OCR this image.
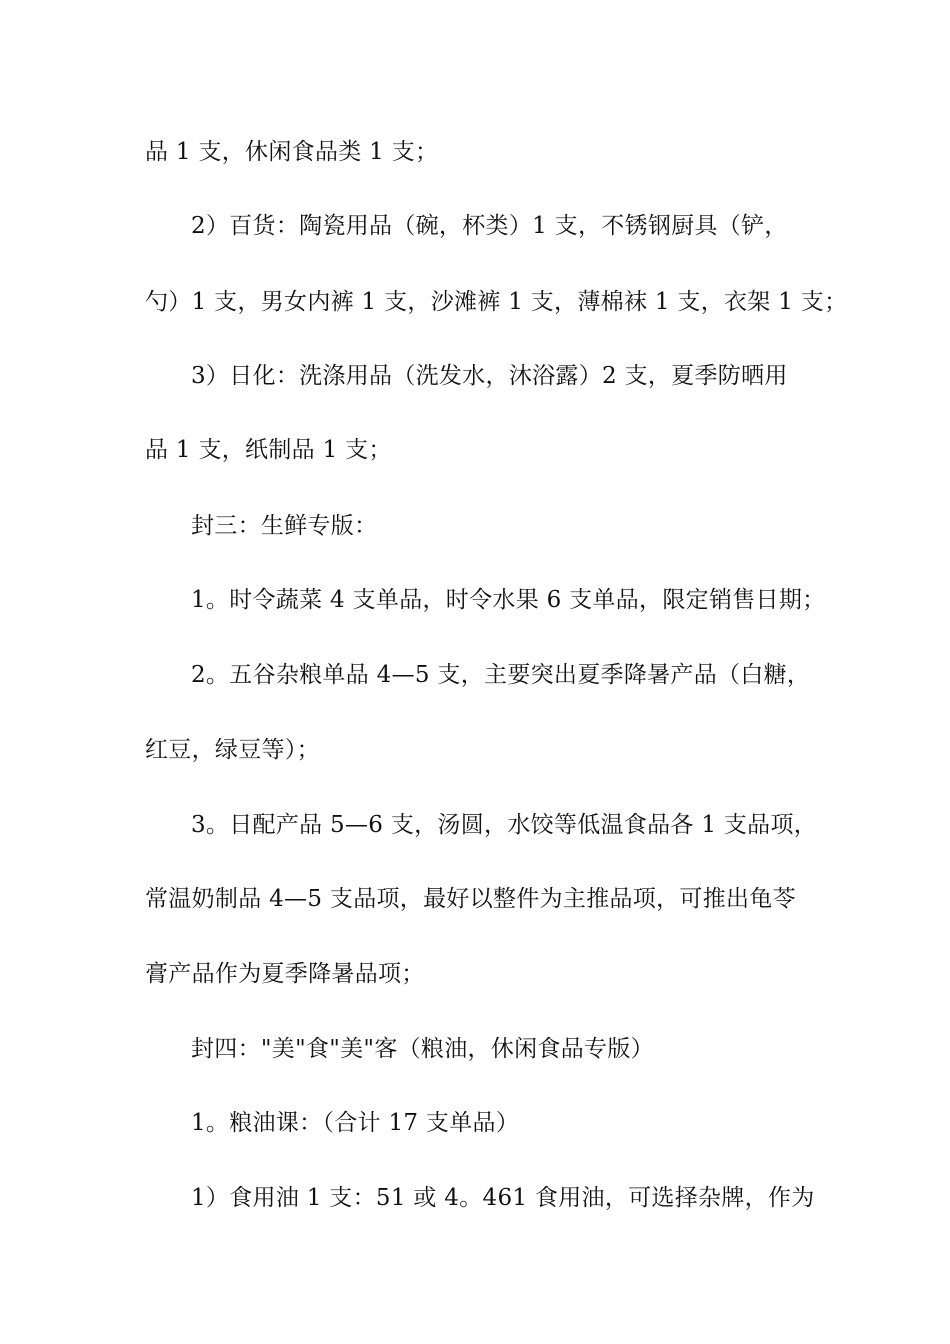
品 1 支，休闲食品类 1 支；

2）百货：陶瓷用品（碗，杯类）1 支，不锈钢厨具（铲，

勺）1 支，男女内裤 1 支，沙滩裤 1 支，薄棉袜 1 支，衣架 1 支；

3）日化：洗涤用品（洗发水，沐浴露）2 支，夏季防晒用

品 1 支，纸制品 1 支；

封三：生鲜专版：

1。时令蔬菜 4 支单品，时令水果 6 支单品，限定销售日期；

2。五谷杂粮单品 4—5 支，主要突出夏季降暑产品（白糖，

红豆，绿豆等）；

3。日配产品 5—6 支，汤圆，水饺等低温食品各 1 支品项，

常温奶制品 4—5 支品项，最好以整件为主推品项，可推出龟苓

膏产品作为夏季降暑品项；

封四："美"食"美"客（粮油，休闲食品专版）

1。粮油课：（合计 17 支单品）

1）食用油 1 支：51 或 4。461 食用油，可选择杂牌，作为
